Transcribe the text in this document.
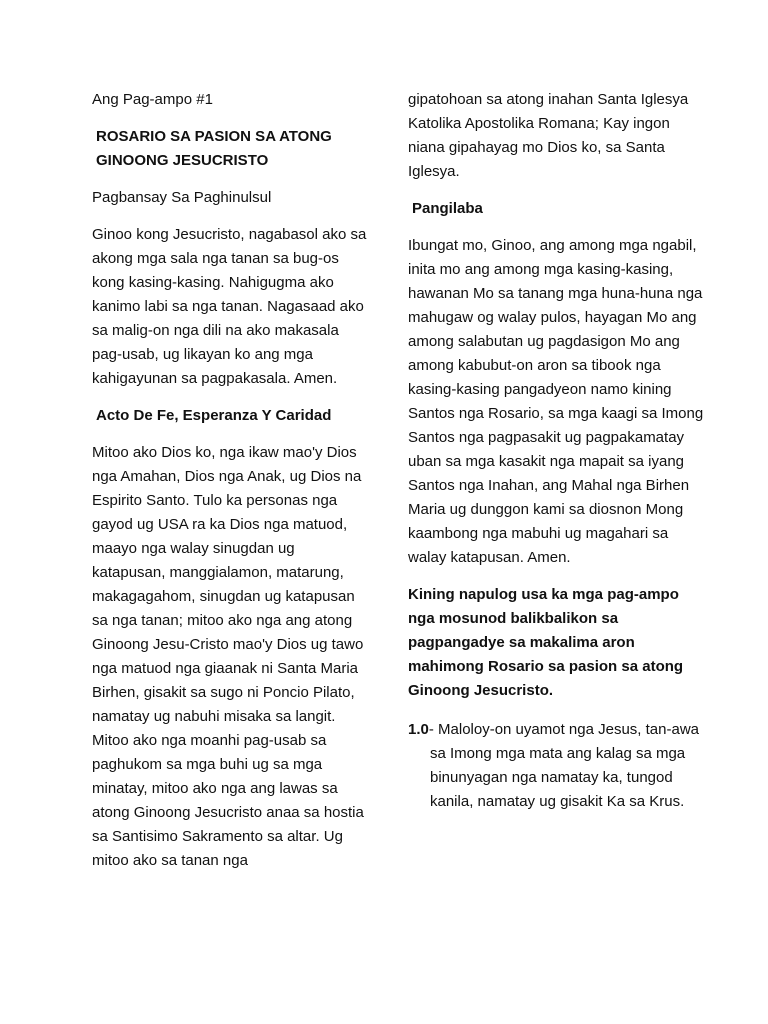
Ang Pag-ampo #1

ROSARIO SA PASION SA ATONG GINOONG JESUCRISTO

Pagbansay Sa Paghinulsul

Ginoo kong Jesucristo, nagabasol ako sa akong mga sala nga tanan sa bug-os kong kasing-kasing. Nahigugma ako kanimo labi sa nga tanan. Nagasaad ako sa malig-on nga dili na ako makasala pag-usab, ug likayan ko ang mga kahigayunan sa pagpakasala. Amen.

Acto De Fe, Esperanza Y Caridad

Mitoo ako Dios ko, nga ikaw mao'y Dios nga Amahan, Dios nga Anak, ug Dios na Espirito Santo. Tulo ka personas nga gayod ug USA ra ka Dios nga matuod, maayo nga walay sinugdan ug katapusan, manggialamon, matarung, makagagahom, sinugdan ug katapusan sa nga tanan; mitoo ako nga ang atong Ginoong Jesu-Cristo mao'y Dios ug tawo nga matuod nga giaanak ni Santa Maria Birhen, gisakit sa sugo ni Poncio Pilato, namatay ug nabuhi misaka sa langit. Mitoo ako nga moanhi pag-usab sa paghukom sa mga buhi ug sa mga minatay, mitoo ako nga ang lawas sa atong Ginoong Jesucristo anaa sa hostia sa Santisimo Sakramento sa altar. Ug mitoo ako sa tanan nga

gipatohoan sa atong inahan Santa Iglesya Katolika Apostolika Romana; Kay ingon niana gipahayag mo Dios ko, sa Santa Iglesya.

Pangilaba

Ibungat mo, Ginoo, ang among mga ngabil, inita mo ang among mga kasing-kasing, hawanan Mo sa tanang mga huna-huna nga mahugaw og walay pulos, hayagan Mo ang among salabutan ug pagdasigon Mo ang among kabubut-on aron sa tibook nga kasing-kasing pangadyeon namo kining Santos nga Rosario, sa mga kaagi sa Imong Santos nga pagpasakit ug pagpakamatay uban sa mga kasakit nga mapait sa iyang Santos nga Inahan, ang Mahal nga Birhen Maria ug dunggon kami sa diosnon Mong kaambong nga mabuhi ug magahari sa walay katapusan. Amen.

Kining napulog usa ka mga pag-ampo nga mosunod balikbalikon sa pagpangadye sa makalima aron mahimong Rosario sa pasion sa atong Ginoong Jesucristo.

1.0- Maloloy-on uyamot nga Jesus, tan-awa sa Imong mga mata ang kalag sa mga binunyagan nga namatay ka, tungod kanila, namatay ug gisakit Ka sa Krus.
